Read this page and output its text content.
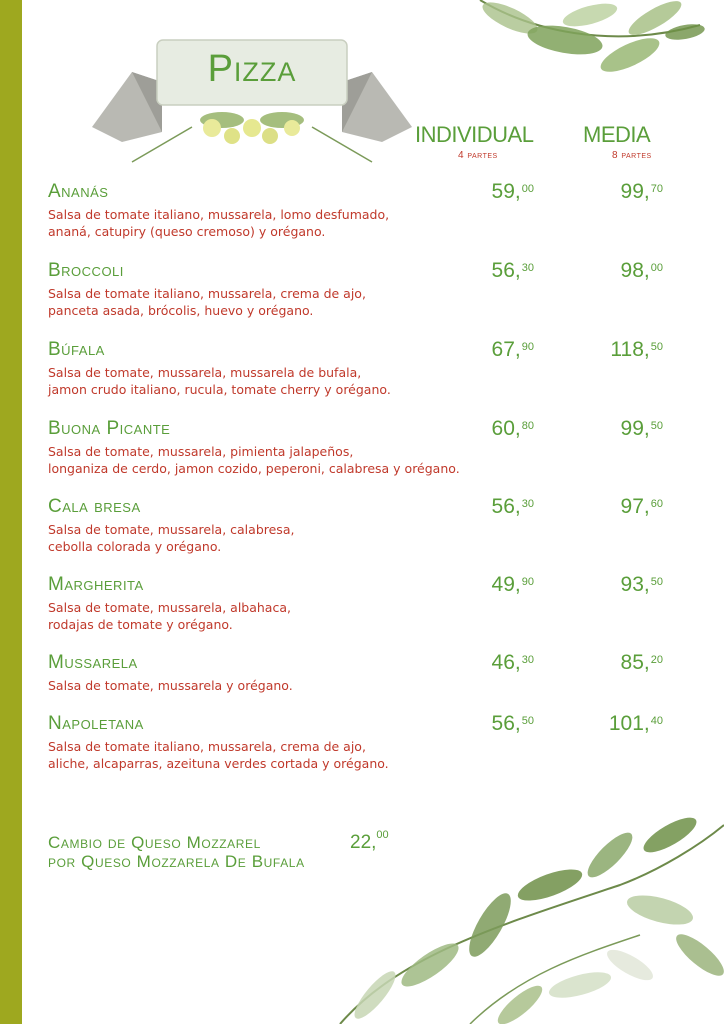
Pizza
INDIVIDUAL
4 partes
MEDIA
8 partes
Ananás
Salsa de tomate italiano, mussarela, lomo desfumado,
ananá, catupiry (queso cremoso) y orégano.
59,00	99,70
Broccoli
Salsa de tomate italiano, mussarela, crema de ajo,
panceta asada, brócolis, huevo y orégano.
56,30	98,00
Búfala
Salsa de tomate, mussarela, mussarela de bufala,
jamon crudo italiano, rucula, tomate cherry y orégano.
67,90	118,50
Buona Picante
Salsa de tomate, mussarela, pimienta jalapeños,
longaniza de cerdo, jamon cozido, peperoni, calabresa y orégano.
60,80	99,50
Cala bresa
Salsa de tomate, mussarela, calabresa,
cebolla colorada y orégano.
56,30	97,60
Margherita
Salsa de tomate, mussarela, albahaca,
rodajas de tomate y orégano.
49,90	93,50
Mussarela
Salsa de tomate, mussarela y orégano.
46,30	85,20
Napoletana
Salsa de tomate italiano, mussarela, crema de ajo,
aliche, alcaparras, azeituna verdes cortada y orégano.
56,50	101,40
Cambio de Queso Mozzarel
por Queso Mozzarela De Bufala
22,00
